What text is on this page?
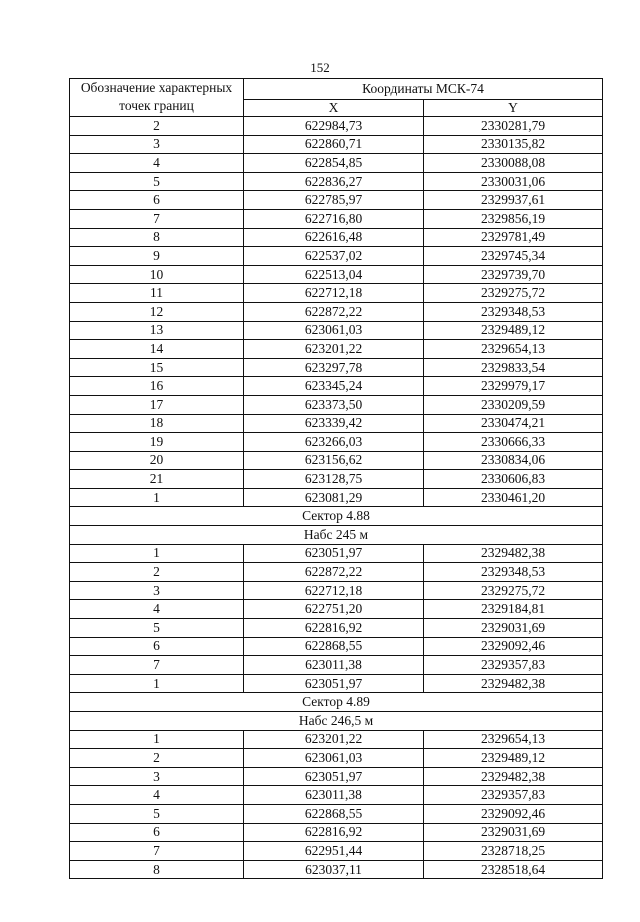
152
Обозначение характерных точек границ	Координаты МСК-74	
	X	Y
2	622984,73	2330281,79
3	622860,71	2330135,82
4	622854,85	2330088,08
5	622836,27	2330031,06
6	622785,97	2329937,61
7	622716,80	2329856,19
8	622616,48	2329781,49
9	622537,02	2329745,34
10	622513,04	2329739,70
11	622712,18	2329275,72
12	622872,22	2329348,53
13	623061,03	2329489,12
14	623201,22	2329654,13
15	623297,78	2329833,54
16	623345,24	2329979,17
17	623373,50	2330209,59
18	623339,42	2330474,21
19	623266,03	2330666,33
20	623156,62	2330834,06
21	623128,75	2330606,83
1	623081,29	2330461,20
Сектор 4.88		
Набс 245 м		
1	623051,97	2329482,38
2	622872,22	2329348,53
3	622712,18	2329275,72
4	622751,20	2329184,81
5	622816,92	2329031,69
6	622868,55	2329092,46
7	623011,38	2329357,83
1	623051,97	2329482,38
Сектор 4.89		
Набс 246,5 м		
1	623201,22	2329654,13
2	623061,03	2329489,12
3	623051,97	2329482,38
4	623011,38	2329357,83
5	622868,55	2329092,46
6	622816,92	2329031,69
7	622951,44	2328718,25
8	623037,11	2328518,64
